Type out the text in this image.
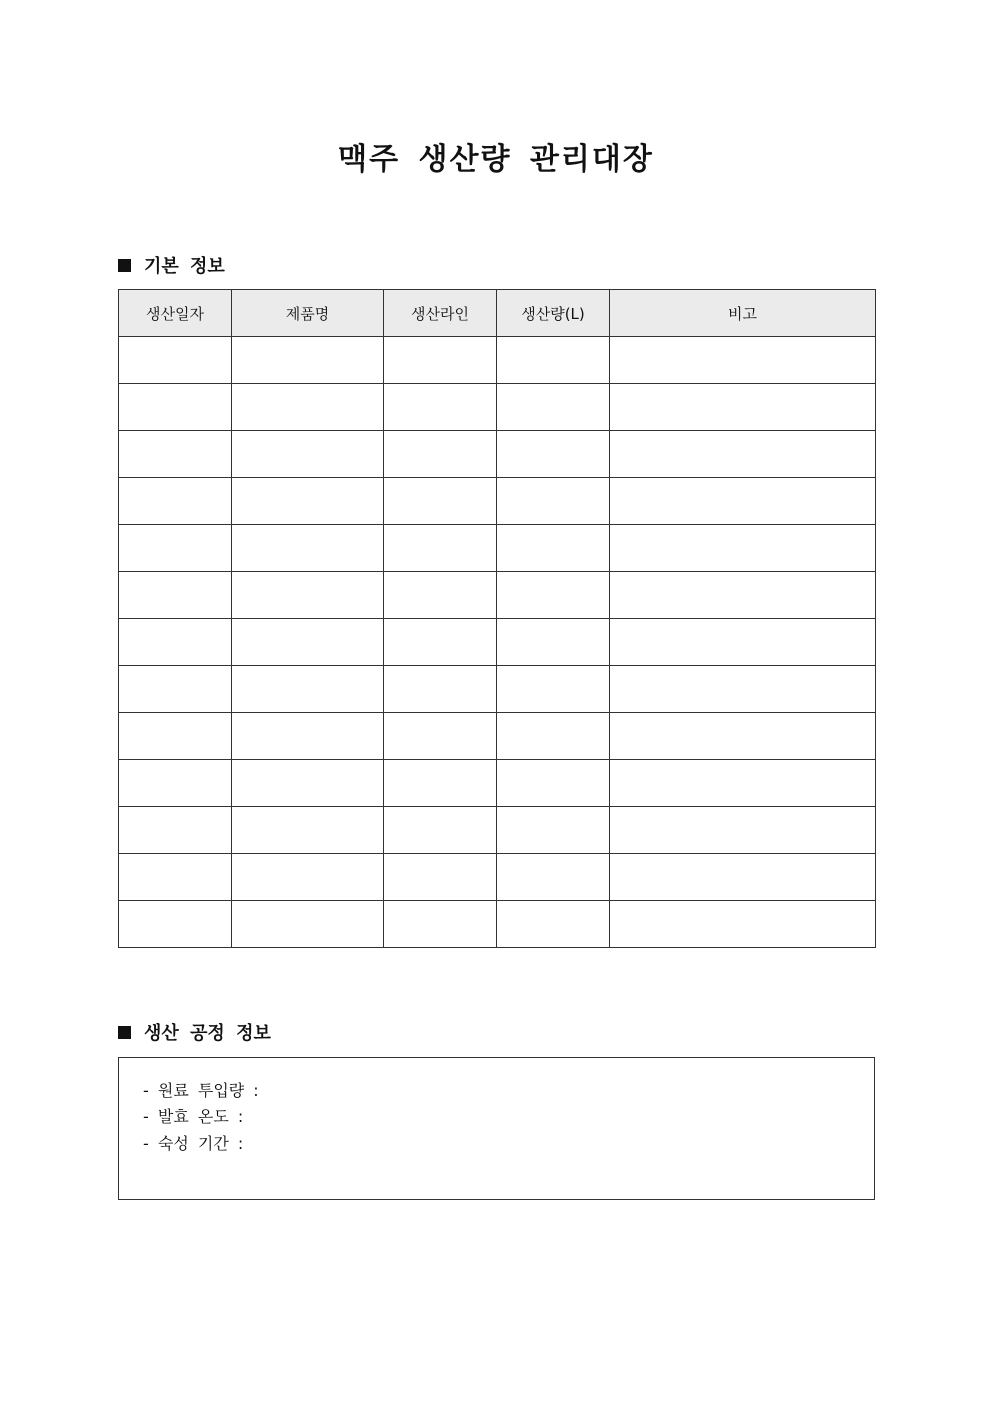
맥주 생산량 관리대장
기본 정보
생산일자	제품명	생산라인	생산량(L)	비고

생산 공정 정보
- 원료 투입량 :
- 발효 온도 :
- 숙성 기간 :
